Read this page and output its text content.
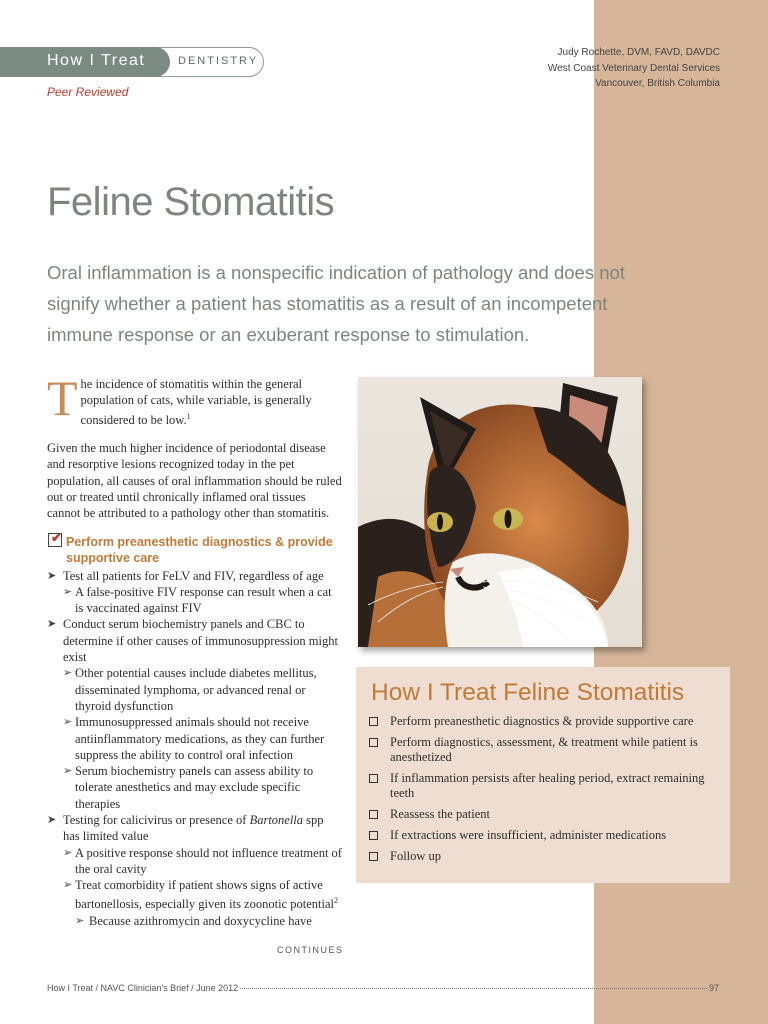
DENTISTRY
How I Treat
Peer Reviewed
Judy Rochette, DVM, FAVD, DAVDC
West Coast Veterinary Dental Services
Vancouver, British Columbia
Feline Stomatitis
Oral inflammation is a nonspecific indication of pathology and does not
signify whether a patient has stomatitis as a result of an incompetent
immune response or an exuberant response to stimulation.

The incidence of stomatitis within the general population of cats, while variable, is generally considered to be low.$^1$

Given the much higher incidence of periodontal disease and resorptive lesions recognized today in the pet population, all causes of oral inflammation should be ruled out or treated until chronically inflamed oral tissues cannot be attributed to a pathology other than stomatitis.

✔ Perform preanesthetic diagnostics & provide supportive care
➤ Test all patients for FeLV and FIV, regardless of age
➢ A false-positive FIV response can result when a cat is vaccinated against FIV
➤ Conduct serum biochemistry panels and CBC to determine if other causes of immunosuppression might exist
➢ Other potential causes include diabetes mellitus, disseminated lymphoma, or advanced renal or thyroid dysfunction
➢ Immunosuppressed animals should not receive antiinflammatory medications, as they can further suppress the ability to control oral infection
➢ Serum biochemistry panels can assess ability to tolerate anesthetics and may exclude specific therapies
➤ Testing for calicivirus or presence of Bartonella spp has limited value
➢ A positive response should not influence treatment of the oral cavity
➢ Treat comorbidity if patient shows signs of active bartonellosis, especially given its zoonotic potential$^2$
➢ Because azithromycin and doxycycline have
CONTINUES
How I Treat Feline Stomatitis
Perform preanesthetic diagnostics & provide supportive care
Perform diagnostics, assessment, & treatment while patient is anesthetized
If inflammation persists after healing period, extract remaining teeth
Reassess the patient
If extractions were insufficient, administer medications
Follow up
How I Treat / NAVC Clinician's Brief / June 2012	97
